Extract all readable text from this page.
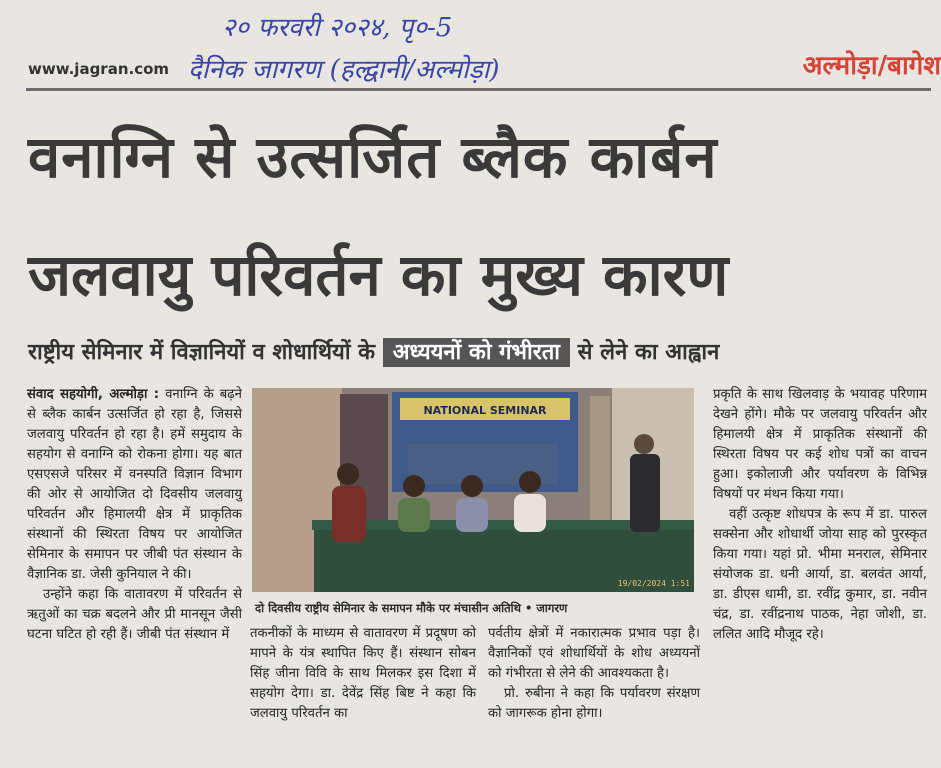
२० फरवरी २०२४, पृ०-5
दैनिक जागरण (हल्द्वानी/अल्मोड़ा)
www.jagran.com	अल्मोड़ा/बागेश
वनाग्नि से उत्सर्जित ब्लैक कार्बन
जलवायु परिवर्तन का मुख्य कारण
राष्ट्रीय सेमिनार में विज्ञानियों व शोधार्थियों के अध्ययनों को गंभीरता से लेने का आह्वान

संवाद सहयोगी, अल्मोड़ा : वनाग्नि के बढ़ने से ब्लैक कार्बन उत्सर्जित हो रहा है, जिससे जलवायु परिवर्तन हो रहा है। हमें समुदाय के सहयोग से वनाग्नि को रोकना होगा। यह बात एसएसजे परिसर में वनस्पति विज्ञान विभाग की ओर से आयोजित दो दिवसीय जलवायु परिवर्तन और हिमालयी क्षेत्र में प्राकृतिक संस्थानों की स्थिरता विषय पर आयोजित सेमिनार के समापन पर जीबी पंत संस्थान के वैज्ञानिक डा. जेसी कुनियाल ने की।

उन्होंने कहा कि वातावरण में परिवर्तन से ऋतुओं का चक्र बदलने और प्री मानसून जैसी घटना घटित हो रही हैं। जीबी पंत संस्थान में

NATIONAL SEMINAR
19/02/2024 1:51
दो दिवसीय राष्ट्रीय सेमिनार के समापन मौके पर मंचासीन अतिथि • जागरण

तकनीकों के माध्यम से वातावरण में प्रदूषण को मापने के यंत्र स्थापित किए हैं। संस्थान सोबन सिंह जीना विवि के साथ मिलकर इस दिशा में सहयोग देगा। डा. देवेंद्र सिंह बिष्ट ने कहा कि जलवायु परिवर्तन का

पर्वतीय क्षेत्रों में नकारात्मक प्रभाव पड़ा है। वैज्ञानिकों एवं शोधार्थियों के शोध अध्ययनों को गंभीरता से लेने की आवश्यकता है।

प्रो. रुबीना ने कहा कि पर्यावरण संरक्षण को जागरूक होना होगा।

प्रकृति के साथ खिलवाड़ के भयावह परिणाम देखने होंगे। मौके पर जलवायु परिवर्तन और हिमालयी क्षेत्र में प्राकृतिक संस्थानों की स्थिरता विषय पर कई शोध पत्रों का वाचन हुआ। इकोलाजी और पर्यावरण के विभिन्न विषयों पर मंथन किया गया।

वहीं उत्कृष्ट शोधपत्र के रूप में डा. पारुल सक्सेना और शोधार्थी जोया साह को पुरस्कृत किया गया। यहां प्रो. भीमा मनराल, सेमिनार संयोजक डा. धनी आर्या, डा. बलवंत आर्या, डा. डीएस धामी, डा. रवींद्र कुमार, डा. नवीन चंद्र, डा. रवींद्रनाथ पाठक, नेहा जोशी, डा. ललित आदि मौजूद रहे।
